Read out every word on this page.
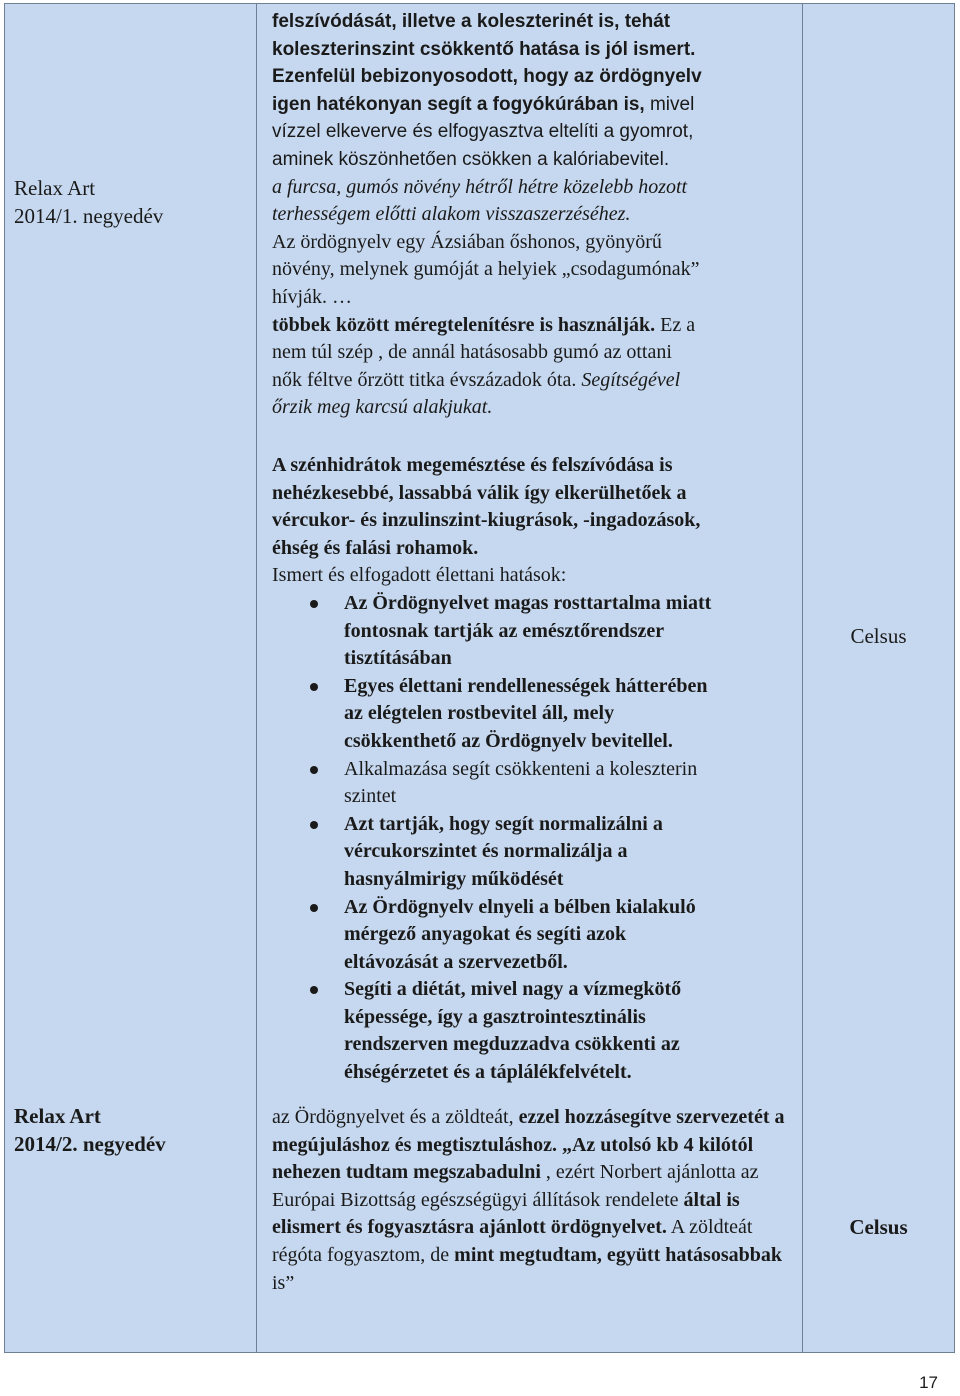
Relax Art
2014/1. negyedév
Relax Art
2014/2. negyedév

felszívódását, illetve a koleszterinét is, tehát

koleszterinszint csökkentő hatása is jól ismert.

Ezenfelül bebizonyosodott, hogy az ördögnyelv

igen hatékonyan segít a fogyókúrában is, mivel

vízzel elkeverve és elfogyasztva eltelíti a gyomrot,

aminek köszönhetően csökken a kalóriabevitel.

a furcsa, gumós növény hétről hétre közelebb hozott

terhességem előtti alakom visszaszerzéséhez.

Az ördögnyelv egy Ázsiában őshonos, gyönyörű

növény, melynek gumóját a helyiek „csodagumónak”

hívják. …

többek között méregtelenítésre is használják. Ez a

nem túl szép , de annál hatásosabb gumó az ottani

nők féltve őrzött titka évszázadok óta. Segítségével

őrzik meg karcsú alakjukat.

A szénhidrátok megemésztése és felszívódása is

nehézkesebbé, lassabbá válik így elkerülhetőek a

vércukor- és inzulinszint-kiugrások, -ingadozások,

éhség és falási rohamok.

Ismert és elfogadott élettani hatások:

Az Ördögnyelvet magas rosttartalma miatt
fontosnak tartják az emésztőrendszer
tisztításában
Egyes élettani rendellenességek hátterében
az elégtelen rostbevitel áll, mely
csökkenthető az Ördögnyelv bevitellel.
Alkalmazása segít csökkenteni a koleszterin
szintet
Azt tartják, hogy segít normalizálni a
vércukorszintet és normalizálja a
hasnyálmirigy működését
Az Ördögnyelv elnyeli a bélben kialakuló
mérgező anyagokat és segíti azok
eltávozását a szervezetből.
Segíti a diétát, mivel nagy a vízmegkötő
képessége, így a gasztrointesztinális
rendszerven megduzzadva csökkenti az
éhségérzetet és a táplálékfelvételt.

az Ördögnyelvet és a zöldteát, ezzel hozzásegítve szervezetét a megújuláshoz és megtisztuláshoz. „Az utolsó kb 4 kilótól nehezen tudtam megszabadulni , ezért Norbert ajánlotta az Európai Bizottság egészségügyi állítások rendelete által is elismert és fogyasztásra ajánlott ördögnyelvet. A zöldteát régóta fogyasztom, de mint megtudtam, együtt hatásosabbak is”

Celsus
Celsus
17
